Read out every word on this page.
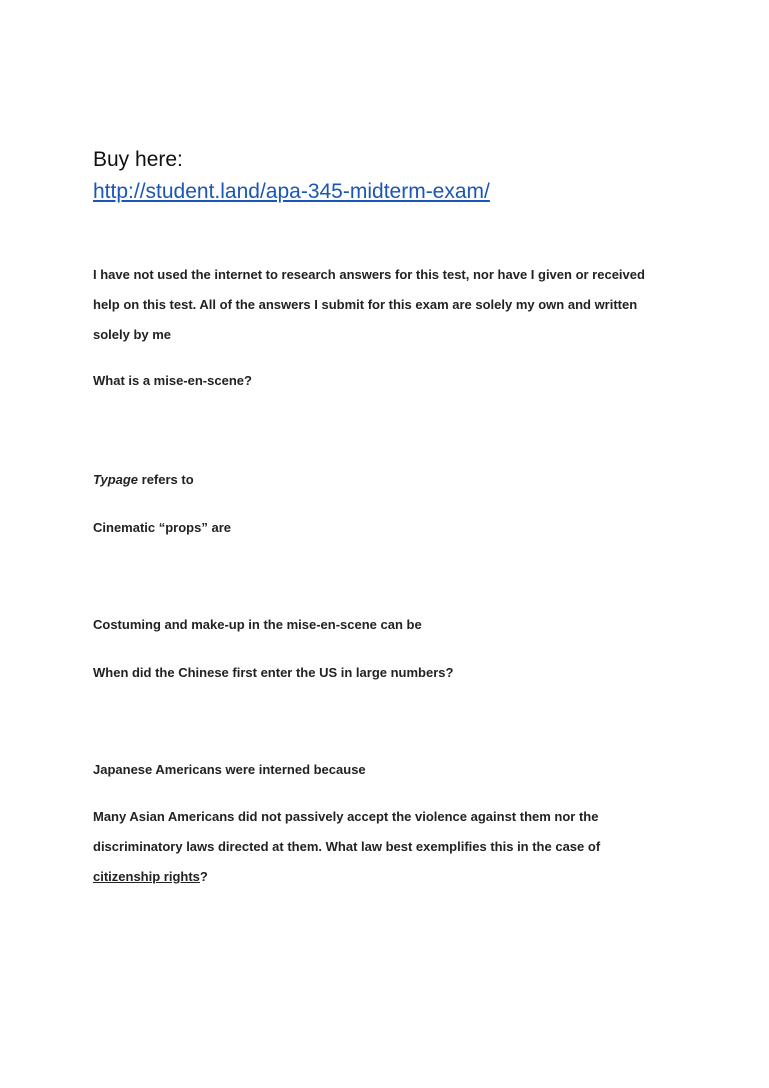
Buy here:
http://student.land/apa-345-midterm-exam/
I have not used the internet to research answers for this test, nor have I given or received
help on this test. All of the answers I submit for this exam are solely my own and written
solely by me
What is a mise-en-scene?
Typage refers to
Cinematic “props” are
Costuming and make-up in the mise-en-scene can be
When did the Chinese first enter the US in large numbers?
Japanese Americans were interned because
Many Asian Americans did not passively accept the violence against them nor the
discriminatory laws directed at them. What law best exemplifies this in the case of
citizenship rights?
